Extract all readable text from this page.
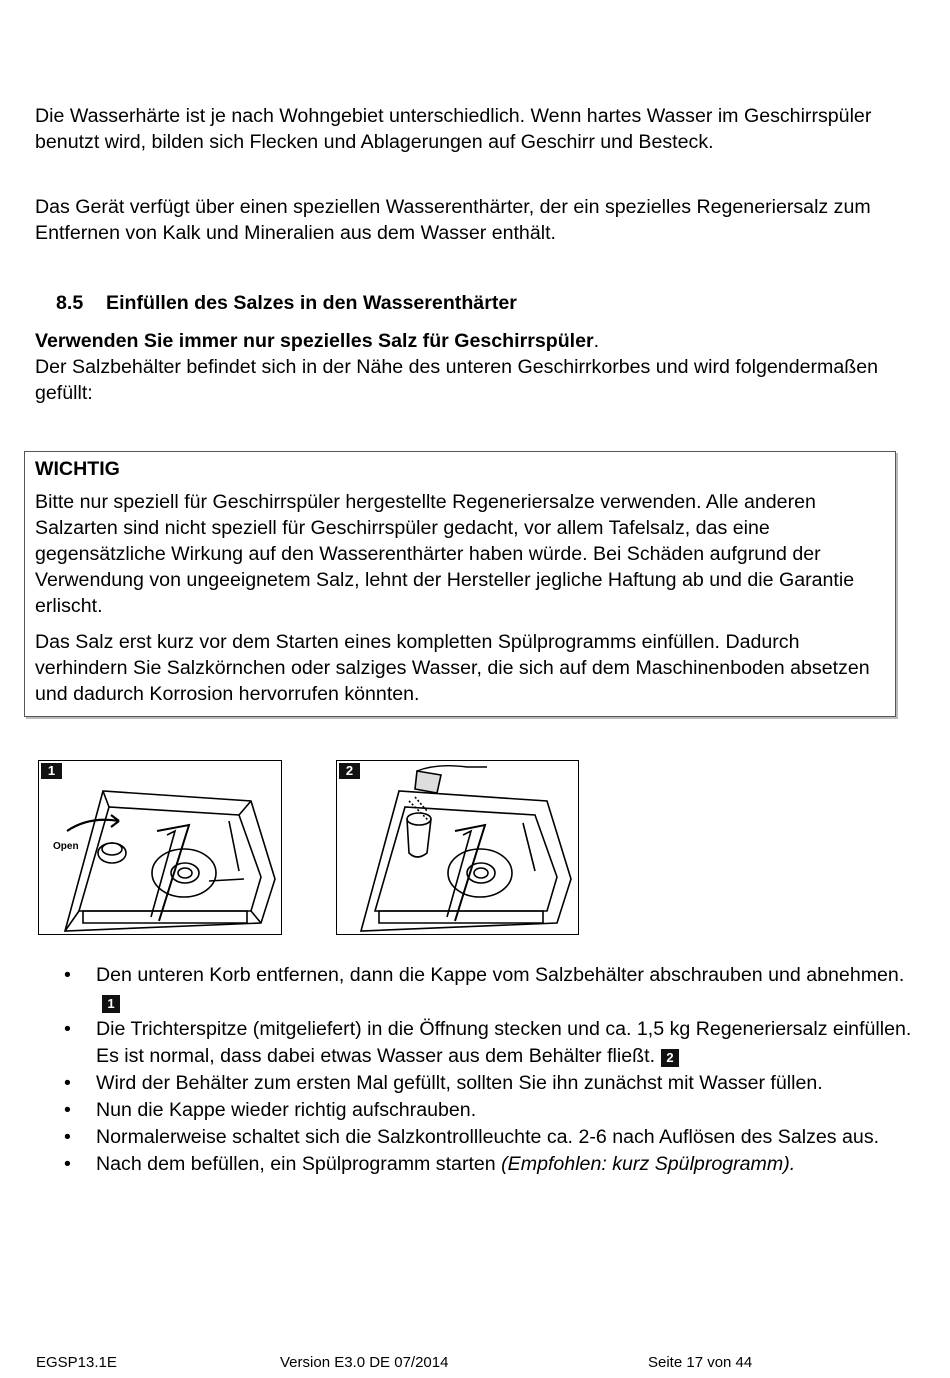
Die Wasserhärte ist je nach Wohngebiet unterschiedlich. Wenn hartes Wasser im Geschirrspüler benutzt wird, bilden sich Flecken und Ablagerungen auf Geschirr und Besteck.

Das Gerät verfügt über einen speziellen Wasserenthärter, der ein spezielles Regeneriersalz zum Entfernen von Kalk und Mineralien aus dem Wasser enthält.

8.5 Einfüllen des Salzes in den Wasserenthärter

Verwenden Sie immer nur spezielles Salz für Geschirrspüler.

Der Salzbehälter befindet sich in der Nähe des unteren Geschirrkorbes und wird folgendermaßen gefüllt:

WICHTIG

Bitte nur speziell für Geschirrspüler hergestellte Regeneriersalze verwenden. Alle anderen Salzarten sind nicht speziell für Geschirrspüler gedacht, vor allem Tafelsalz, das eine gegensätzliche Wirkung auf den Wasserenthärter haben würde. Bei Schäden aufgrund der Verwendung von ungeeignetem Salz, lehnt der Hersteller jegliche Haftung ab und die Garantie erlischt.

Das Salz erst kurz vor dem Starten eines kompletten Spülprogramms einfüllen. Dadurch verhindern Sie Salzkörnchen oder salziges Wasser, die sich auf dem Maschinenboden absetzen und dadurch Korrosion hervorrufen könnten.

1
Open
2
• Den unteren Korb entfernen, dann die Kappe vom Salzbehälter abschrauben und abnehmen.1
• Die Trichterspitze (mitgeliefert) in die Öffnung stecken und ca. 1,5 kg Regeneriersalz einfüllen. Es ist normal, dass dabei etwas Wasser aus dem Behälter fließt. 2
• Wird der Behälter zum ersten Mal gefüllt, sollten Sie ihn zunächst mit Wasser füllen.
• Nun die Kappe wieder richtig aufschrauben.
• Normalerweise schaltet sich die Salzkontrollleuchte ca. 2-6 nach Auflösen des Salzes aus.
• Nach dem befüllen, ein Spülprogramm starten (Empfohlen: kurz Spülprogramm).
EGSP13.1E	Version E3.0 DE 07/2014	Seite 17 von 44
